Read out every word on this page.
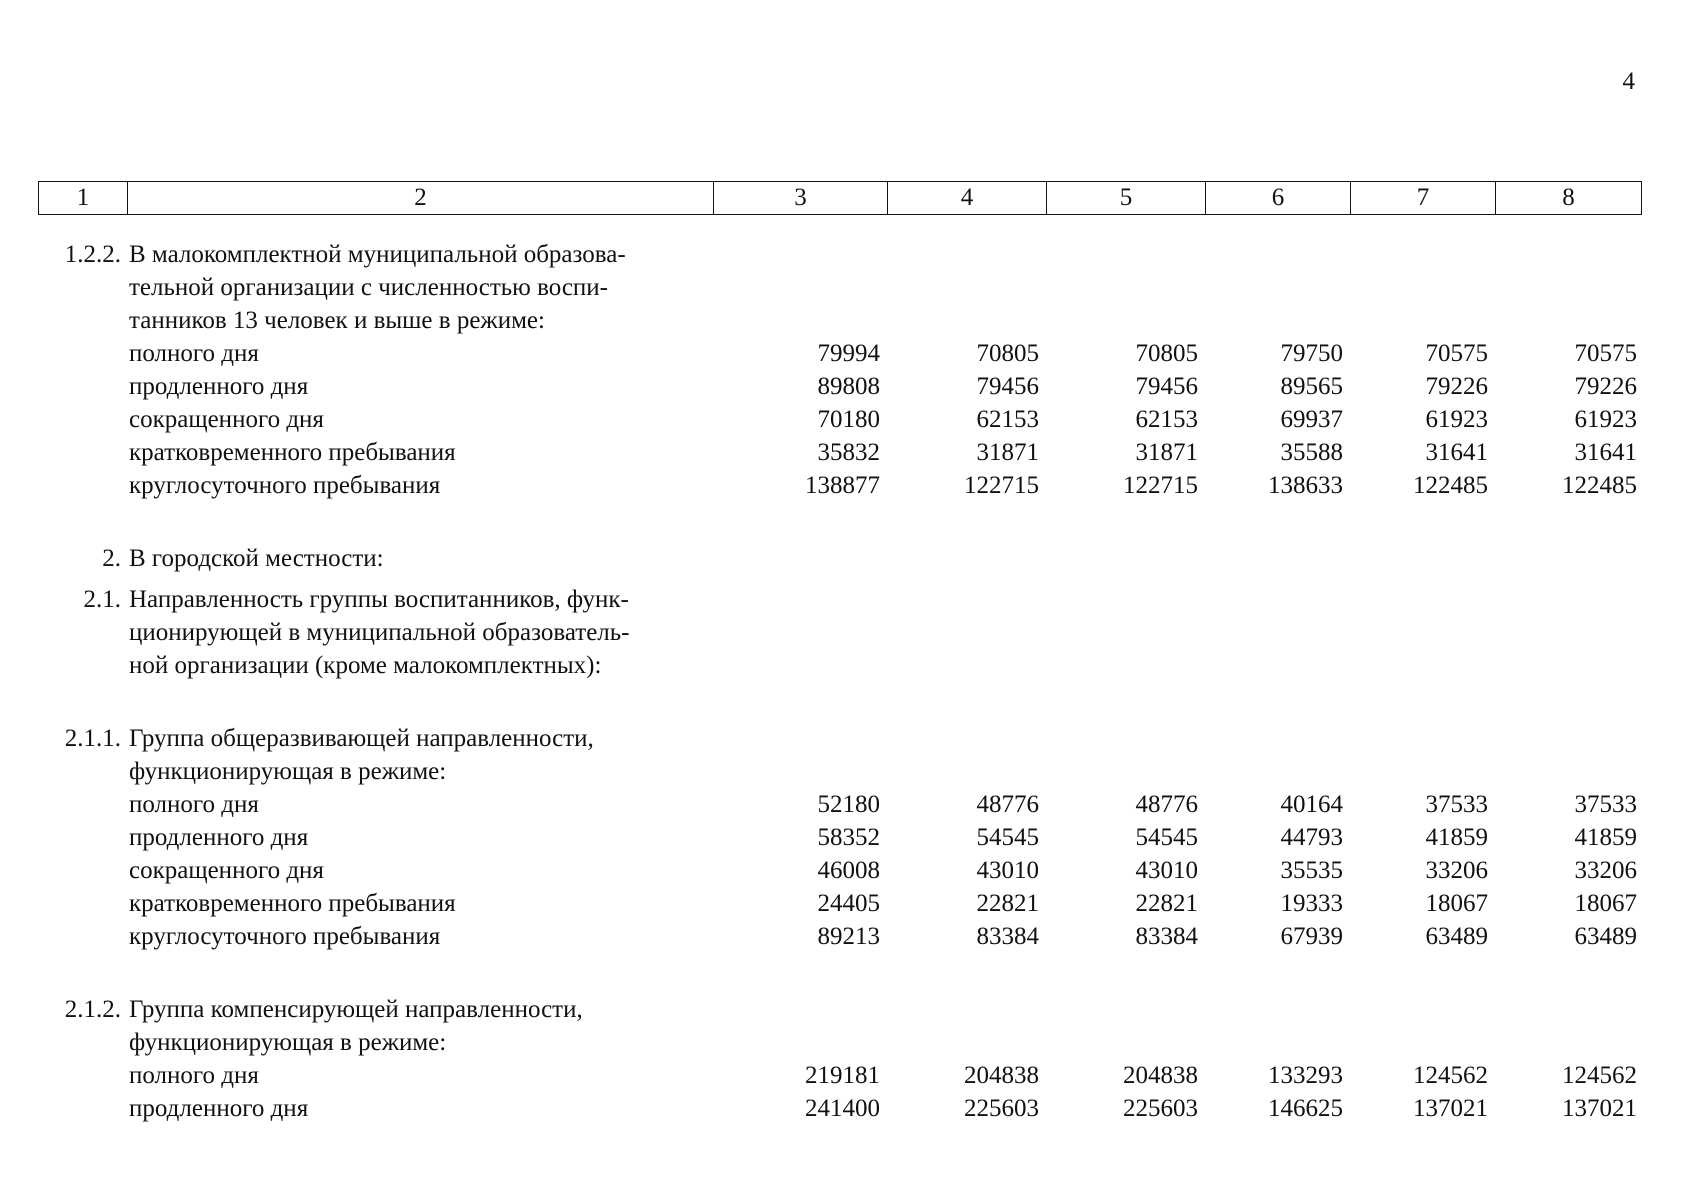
4
1	2	3	4	5	6	7	8
1.2.2. В малокомплектной муниципальной образова-
тельной организации с численностью воспи-
танников 13 человек и выше в режиме:
полного дня	79994	70805	70805	79750	70575	70575
продленного дня	89808	79456	79456	89565	79226	79226
сокращенного дня	70180	62153	62153	69937	61923	61923
кратковременного пребывания	35832	31871	31871	35588	31641	31641
круглосуточного пребывания	138877	122715	122715	138633	122485	122485
2. В городской местности:
2.1. Направленность группы воспитанников, функ-
ционирующей в муниципальной образователь-
ной организации (кроме малокомплектных):
2.1.1. Группа общеразвивающей направленности,
функционирующая в режиме:
полного дня	52180	48776	48776	40164	37533	37533
продленного дня	58352	54545	54545	44793	41859	41859
сокращенного дня	46008	43010	43010	35535	33206	33206
кратковременного пребывания	24405	22821	22821	19333	18067	18067
круглосуточного пребывания	89213	83384	83384	67939	63489	63489
2.1.2. Группа компенсирующей направленности,
функционирующая в режиме:
полного дня	219181	204838	204838	133293	124562	124562
продленного дня	241400	225603	225603	146625	137021	137021
